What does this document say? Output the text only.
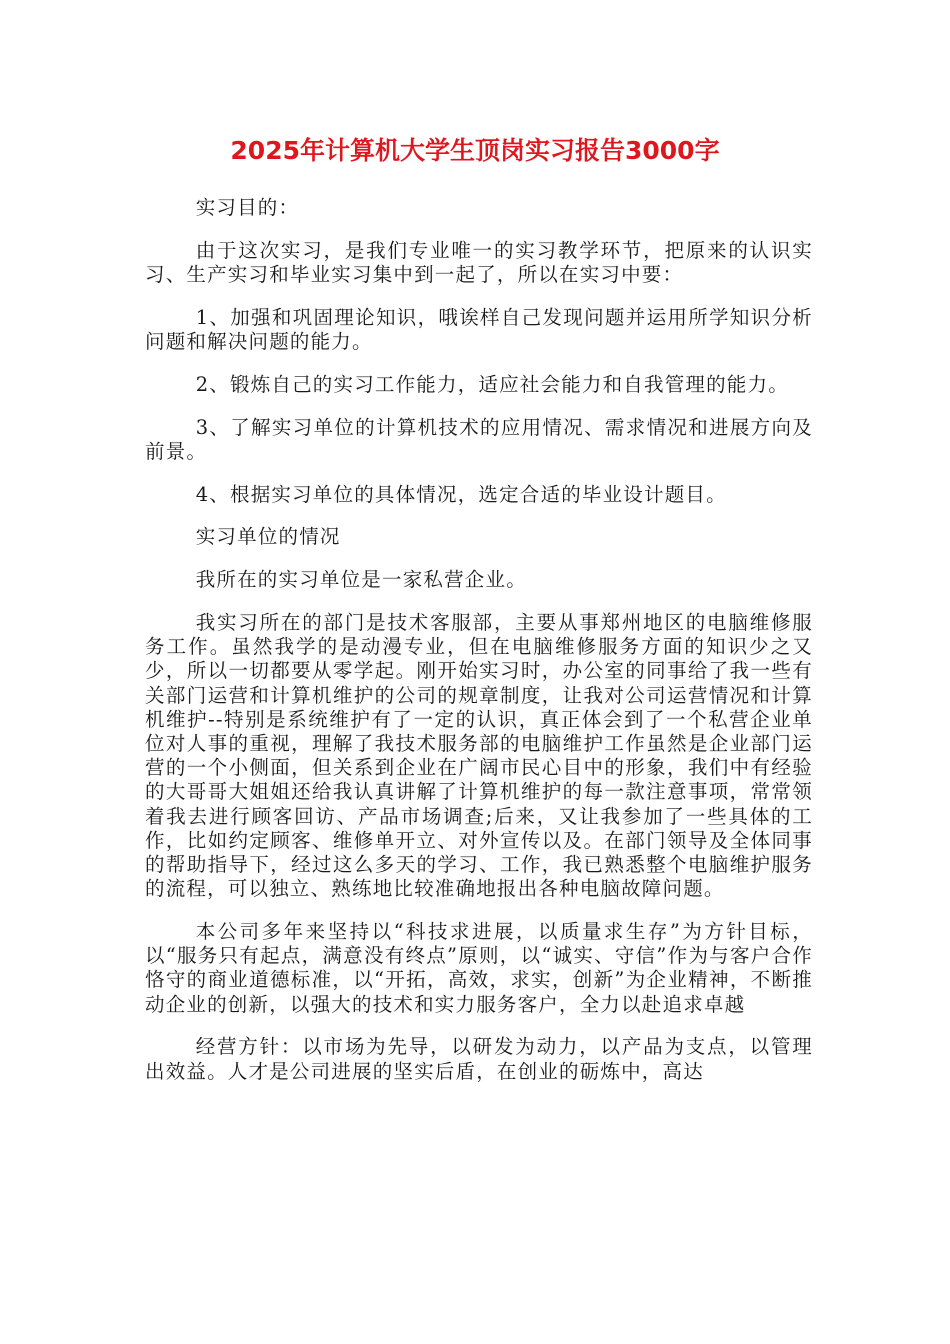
2025年计算机大学生顶岗实习报告3000字

实习目的：

由于这次实习，是我们专业唯一的实习教学环节，把原来的认识实习、生产实习和毕业实习集中到一起了，所以在实习中要：

1、加强和巩固理论知识，哦诶样自己发现问题并运用所学知识分析问题和解决问题的能力。

2、锻炼自己的实习工作能力，适应社会能力和自我管理的能力。

3、了解实习单位的计算机技术的应用情况、需求情况和进展方向及前景。

4、根据实习单位的具体情况，选定合适的毕业设计题目。

实习单位的情况

我所在的实习单位是一家私营企业。

我实习所在的部门是技术客服部，主要从事郑州地区的电脑维修服务工作。虽然我学的是动漫专业，但在电脑维修服务方面的知识少之又少，所以一切都要从零学起。刚开始实习时，办公室的同事给了我一些有关部门运营和计算机维护的公司的规章制度，让我对公司运营情况和计算机维护--特别是系统维护有了一定的认识，真正体会到了一个私营企业单位对人事的重视，理解了我技术服务部的电脑维护工作虽然是企业部门运营的一个小侧面，但关系到企业在广阔市民心目中的形象，我们中有经验的大哥哥大姐姐还给我认真讲解了计算机维护的每一款注意事项，常常领着我去进行顾客回访、产品市场调查;后来，又让我参加了一些具体的工作，比如约定顾客、维修单开立、对外宣传以及。在部门领导及全体同事的帮助指导下，经过这么多天的学习、工作，我已熟悉整个电脑维护服务的流程，可以独立、熟练地比较准确地报出各种电脑故障问题。

本公司多年来坚持以“科技求进展，以质量求生存”为方针目标，以“服务只有起点，满意没有终点”原则，以“诚实、守信”作为与客户合作恪守的商业道德标准，以“开拓，高效，求实，创新”为企业精神，不断推动企业的创新，以强大的技术和实力服务客户，全力以赴追求卓越

经营方针：以市场为先导，以研发为动力，以产品为支点，以管理出效益。人才是公司进展的坚实后盾，在创业的砺炼中，高达
